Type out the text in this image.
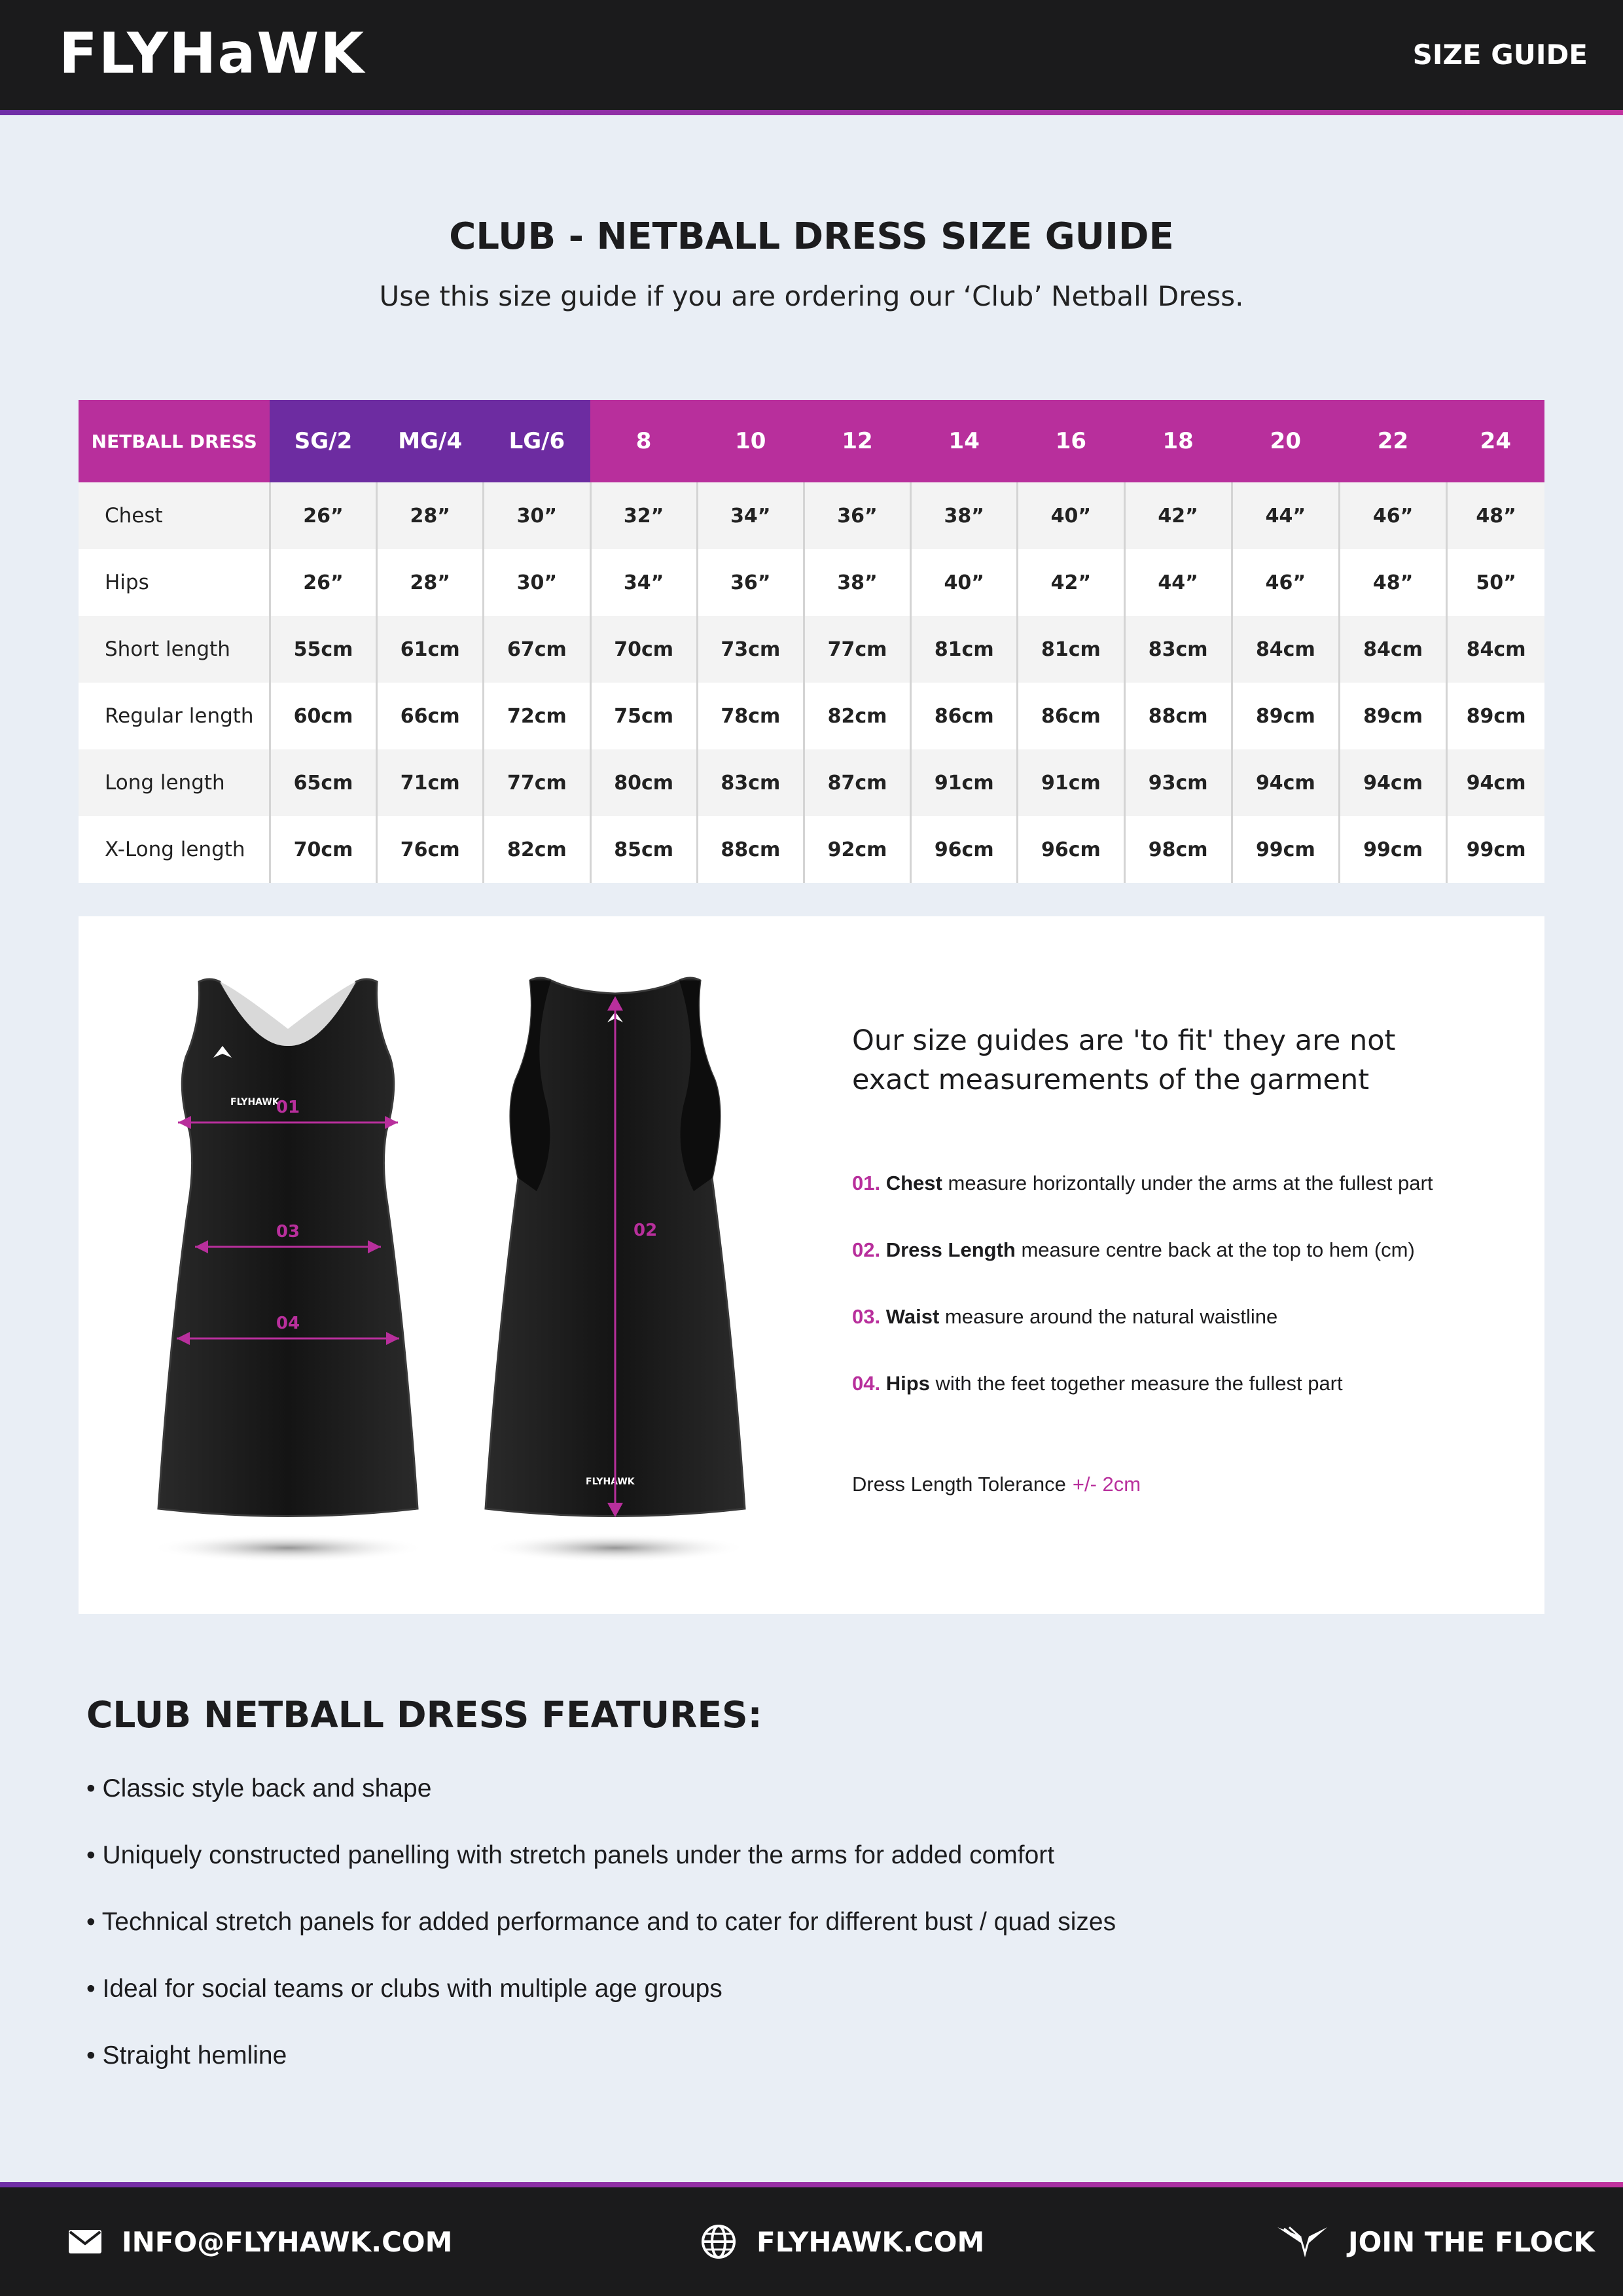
FLYHaWK	SIZE GUIDE
CLUB - NETBALL DRESS SIZE GUIDE
Use this size guide if you are ordering our ‘Club’ Netball Dress.
NETBALL DRESS	SG/2	MG/4	LG/6	8	10	12	14	16	18	20	22	24
Chest	26”	28”	30”	32”	34”	36”	38”	40”	42”	44”	46”	48”
Hips	26”	28”	30”	34”	36”	38”	40”	42”	44”	46”	48”	50”
Short length	55cm	61cm	67cm	70cm	73cm	77cm	81cm	81cm	83cm	84cm	84cm	84cm
Regular length	60cm	66cm	72cm	75cm	78cm	82cm	86cm	86cm	88cm	89cm	89cm	89cm
Long length	65cm	71cm	77cm	80cm	83cm	87cm	91cm	91cm	93cm	94cm	94cm	94cm
X-Long length	70cm	76cm	82cm	85cm	88cm	92cm	96cm	96cm	98cm	99cm	99cm	99cm
FLYHAWK
01
03
04
FLYHAWK
02
Our size guides are 'to fit' they are not exact measurements of the garment
01. Chest measure horizontally under the arms at the fullest part
02. Dress Length measure centre back at the top to hem (cm)
03. Waist measure around the natural waistline
04. Hips with the feet together measure the fullest part
Dress Length Tolerance +/- 2cm
CLUB NETBALL DRESS FEATURES:
• Classic style back and shape
• Uniquely constructed panelling with stretch panels under the arms for added comfort
• Technical stretch panels for added performance and to cater for different bust / quad sizes
• Ideal for social teams or clubs with multiple age groups
• Straight hemline
INFO@FLYHAWK.COM	FLYHAWK.COM	JOIN THE FLOCK
